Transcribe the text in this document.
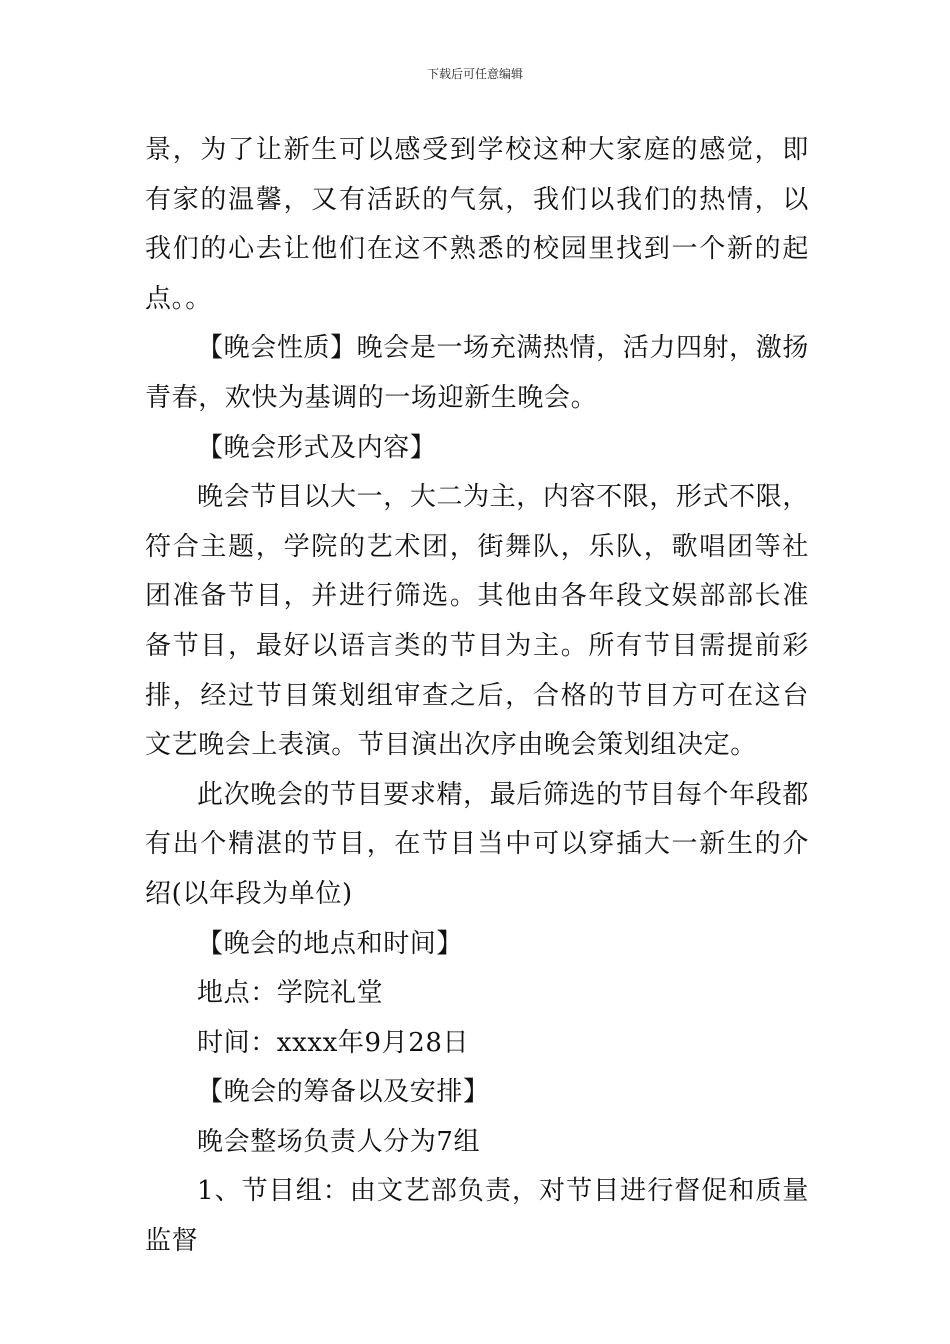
下载后可任意编辑

景，为了让新生可以感受到学校这种大家庭的感觉，即有家的温馨，又有活跃的气氛，我们以我们的热情，以我们的心去让他们在这不熟悉的校园里找到一个新的起点。。

【晚会性质】晚会是一场充满热情，活力四射，激扬青春，欢快为基调的一场迎新生晚会。

【晚会形式及内容】

晚会节目以大一，大二为主，内容不限，形式不限，符合主题，学院的艺术团，街舞队，乐队，歌唱团等社团准备节目，并进行筛选。其他由各年段文娱部部长准备节目，最好以语言类的节目为主。所有节目需提前彩排，经过节目策划组审查之后，合格的节目方可在这台文艺晚会上表演。节目演出次序由晚会策划组决定。

此次晚会的节目要求精，最后筛选的节目每个年段都有出个精湛的节目，在节目当中可以穿插大一新生的介绍(以年段为单位)

【晚会的地点和时间】

地点：学院礼堂

时间：xxxx年9月28日

【晚会的筹备以及安排】

晚会整场负责人分为7组

1、节目组：由文艺部负责，对节目进行督促和质量监督
